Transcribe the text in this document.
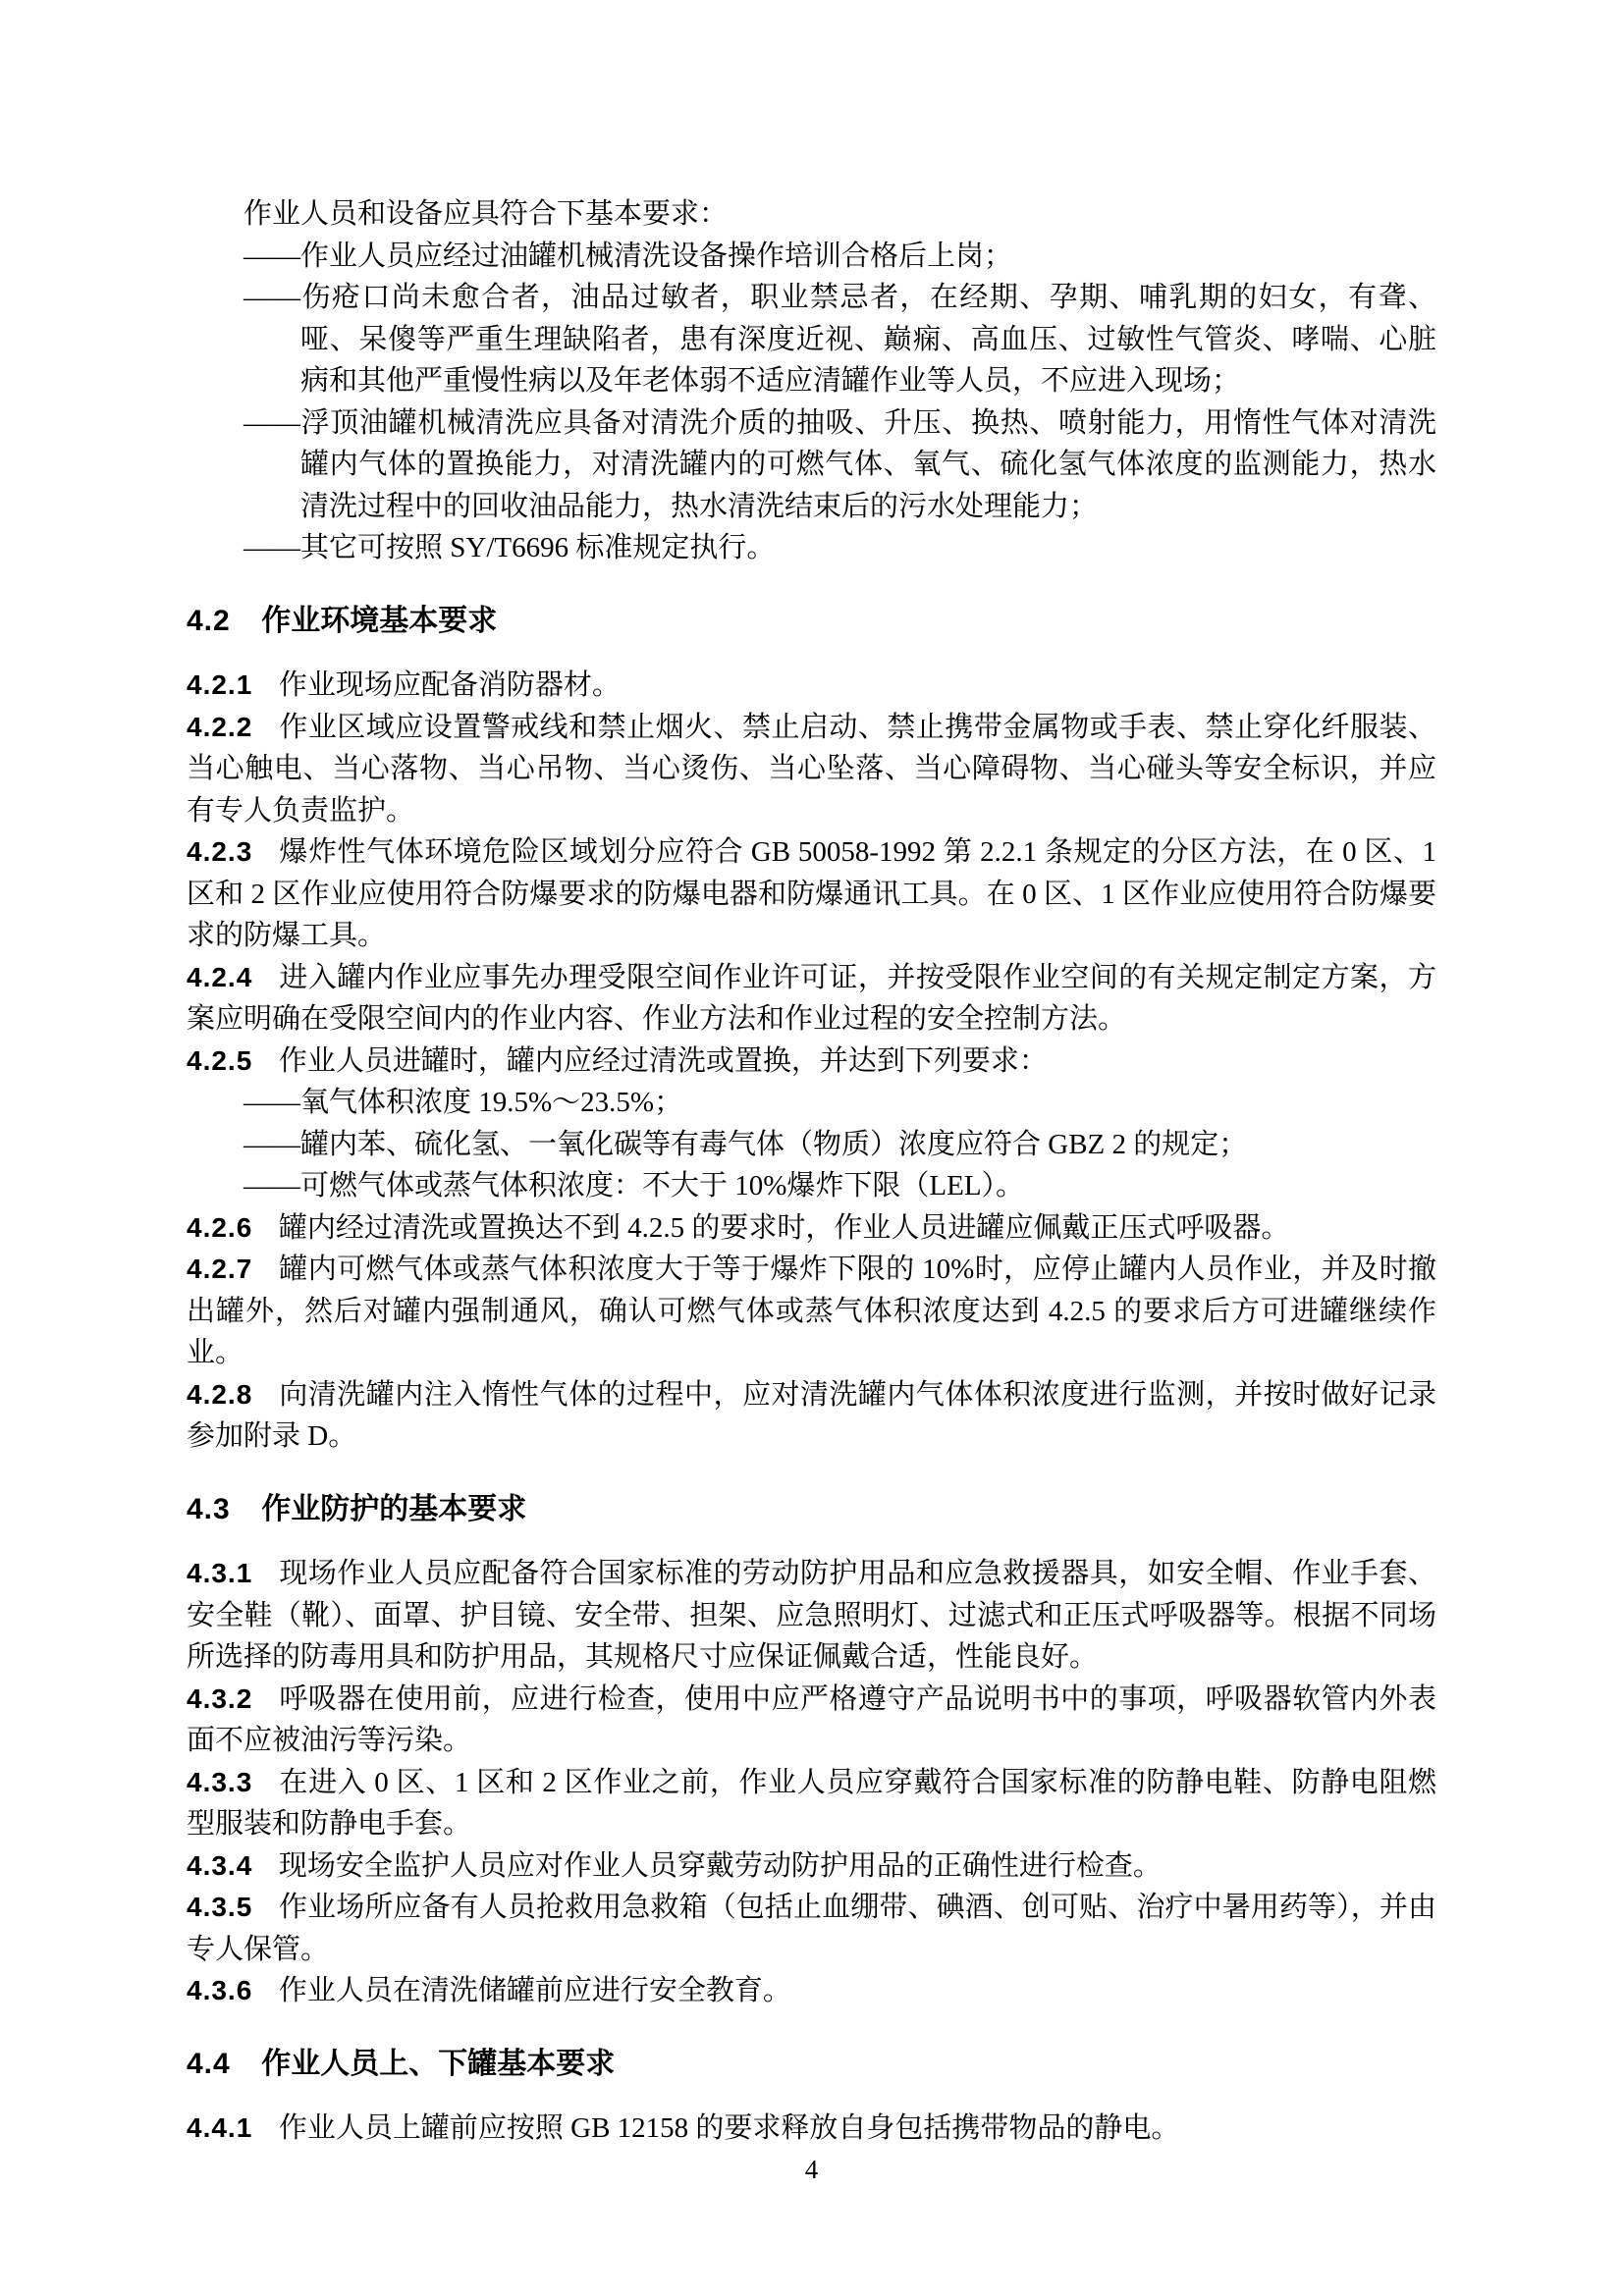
作业人员和设备应具符合下基本要求：

——作业人员应经过油罐机械清洗设备操作培训合格后上岗；

——伤疮口尚未愈合者，油品过敏者，职业禁忌者，在经期、孕期、哺乳期的妇女，有聋、哑、呆傻等严重生理缺陷者，患有深度近视、巅痫、高血压、过敏性气管炎、哮喘、心脏病和其他严重慢性病以及年老体弱不适应清罐作业等人员，不应进入现场；

——浮顶油罐机械清洗应具备对清洗介质的抽吸、升压、换热、喷射能力，用惰性气体对清洗罐内气体的置换能力，对清洗罐内的可燃气体、氧气、硫化氢气体浓度的监测能力，热水清洗过程中的回收油品能力，热水清洗结束后的污水处理能力；

——其它可按照 SY/T6696 标准规定执行。

4.2 作业环境基本要求

4.2.1 作业现场应配备消防器材。

4.2.2 作业区域应设置警戒线和禁止烟火、禁止启动、禁止携带金属物或手表、禁止穿化纤服装、当心触电、当心落物、当心吊物、当心烫伤、当心坠落、当心障碍物、当心碰头等安全标识，并应有专人负责监护。

4.2.3 爆炸性气体环境危险区域划分应符合 GB 50058-1992 第 2.2.1 条规定的分区方法，在 0 区、1 区和 2 区作业应使用符合防爆要求的防爆电器和防爆通讯工具。在 0 区、1 区作业应使用符合防爆要求的防爆工具。

4.2.4 进入罐内作业应事先办理受限空间作业许可证，并按受限作业空间的有关规定制定方案，方案应明确在受限空间内的作业内容、作业方法和作业过程的安全控制方法。

4.2.5 作业人员进罐时，罐内应经过清洗或置换，并达到下列要求：

——氧气体积浓度 19.5%～23.5%；

——罐内苯、硫化氢、一氧化碳等有毒气体（物质）浓度应符合 GBZ 2 的规定；

——可燃气体或蒸气体积浓度：不大于 10%爆炸下限（LEL）。

4.2.6 罐内经过清洗或置换达不到 4.2.5 的要求时，作业人员进罐应佩戴正压式呼吸器。

4.2.7 罐内可燃气体或蒸气体积浓度大于等于爆炸下限的 10%时，应停止罐内人员作业，并及时撤出罐外，然后对罐内强制通风，确认可燃气体或蒸气体积浓度达到 4.2.5 的要求后方可进罐继续作业。

4.2.8 向清洗罐内注入惰性气体的过程中，应对清洗罐内气体体积浓度进行监测，并按时做好记录参加附录 D。

4.3 作业防护的基本要求

4.3.1 现场作业人员应配备符合国家标准的劳动防护用品和应急救援器具，如安全帽、作业手套、安全鞋（靴）、面罩、护目镜、安全带、担架、应急照明灯、过滤式和正压式呼吸器等。根据不同场所选择的防毒用具和防护用品，其规格尺寸应保证佩戴合适，性能良好。

4.3.2 呼吸器在使用前，应进行检查，使用中应严格遵守产品说明书中的事项，呼吸器软管内外表面不应被油污等污染。

4.3.3 在进入 0 区、1 区和 2 区作业之前，作业人员应穿戴符合国家标准的防静电鞋、防静电阻燃型服装和防静电手套。

4.3.4 现场安全监护人员应对作业人员穿戴劳动防护用品的正确性进行检查。

4.3.5 作业场所应备有人员抢救用急救箱（包括止血绷带、碘酒、创可贴、治疗中暑用药等），并由专人保管。

4.3.6 作业人员在清洗储罐前应进行安全教育。

4.4 作业人员上、下罐基本要求

4.4.1 作业人员上罐前应按照 GB 12158 的要求释放自身包括携带物品的静电。

4
